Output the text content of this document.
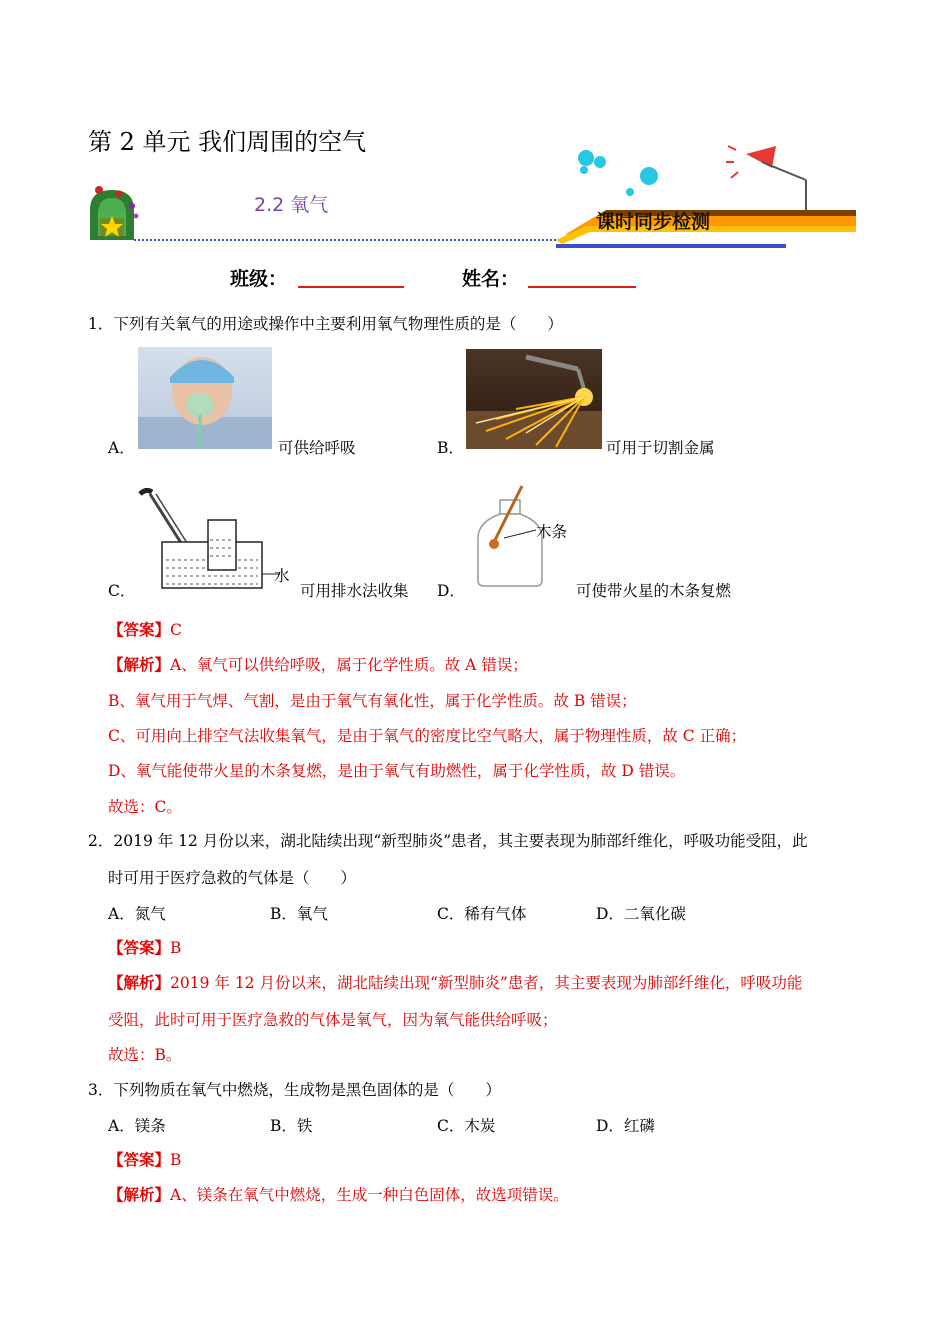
第 2 单元 我们周围的空气
2.2 氧气
课时同步检测
班级：	姓名：
1．下列有关氧气的用途或操作中主要利用氧气物理性质的是（　　）
A．	可供给呼吸	B．	可用于切割金属
水
C．	可用排水法收集
木条
D．	可使带火星的木条复燃
【答案】C
【解析】A、氧气可以供给呼吸，属于化学性质。故 A 错误；
B、氧气用于气焊、气割，是由于氧气有氧化性，属于化学性质。故 B 错误；
C、可用向上排空气法收集氧气，是由于氧气的密度比空气略大，属于物理性质，故 C 正确；
D、氧气能使带火星的木条复燃，是由于氧气有助燃性，属于化学性质，故 D 错误。
故选：C。
2．2019 年 12 月份以来，湖北陆续出现“新型肺炎”患者，其主要表现为肺部纤维化，呼吸功能受阻，此
时可用于医疗急救的气体是（　　）
A．氮气	B．氧气	C．稀有气体	D．二氧化碳
【答案】B
【解析】2019 年 12 月份以来，湖北陆续出现“新型肺炎”患者，其主要表现为肺部纤维化，呼吸功能
受阻，此时可用于医疗急救的气体是氧气，因为氧气能供给呼吸；
故选：B。
3．下列物质在氧气中燃烧，生成物是黑色固体的是（　　）
A．镁条	B．铁	C．木炭	D．红磷
【答案】B
【解析】A、镁条在氧气中燃烧，生成一种白色固体，故选项错误。
